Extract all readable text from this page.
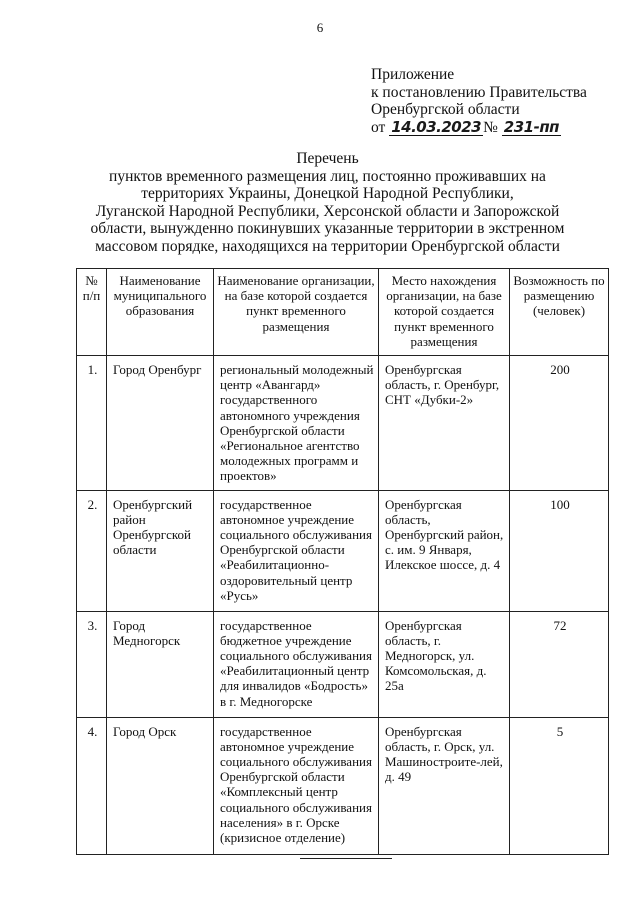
6
Приложение
к постановлению Правительства
Оренбургской области
от
14.03.2023 №
231-пп
Перечень
пунктов временного размещения лиц, постоянно проживавших на
территориях Украины, Донецкой Народной Республики,
Луганской Народной Республики, Херсонской области и Запорожской
области, вынужденно покинувших указанные территории в экстренном
массовом порядке, находящихся на территории Оренбургской области
№ п/п	Наименование муниципального образования	Наименование организации, на базе которой создается пункт временного размещения	Место нахождения организации, на базе которой создается пункт временного размещения	Возможность по размещению (человек)
1.	Город Оренбург	региональный молодежный центр «Авангард» государственного автономного учреждения Оренбургской области «Региональное агентство молодежных программ и проектов»	Оренбургская область, г. Оренбург, СНТ «Дубки-2»	200
2.	Оренбургский район Оренбургской области	государственное автономное учреждение социального обслуживания Оренбургской области «Реабилитационно-оздоровительный центр «Русь»	Оренбургская область, Оренбургский район, с. им. 9 Января, Илекское шоссе, д. 4	100
3.	Город Медногорск	государственное бюджетное учреждение социального обслуживания «Реабилитационный центр для инвалидов «Бодрость» в г. Медногорске	Оренбургская область, г. Медногорск, ул. Комсомольская, д. 25а	72
4.	Город Орск	государственное автономное учреждение социального обслуживания Оренбургской области «Комплексный центр социального обслуживания населения» в г. Орске (кризисное отделение)	Оренбургская область, г. Орск, ул. Машиностроите-лей, д. 49	5
